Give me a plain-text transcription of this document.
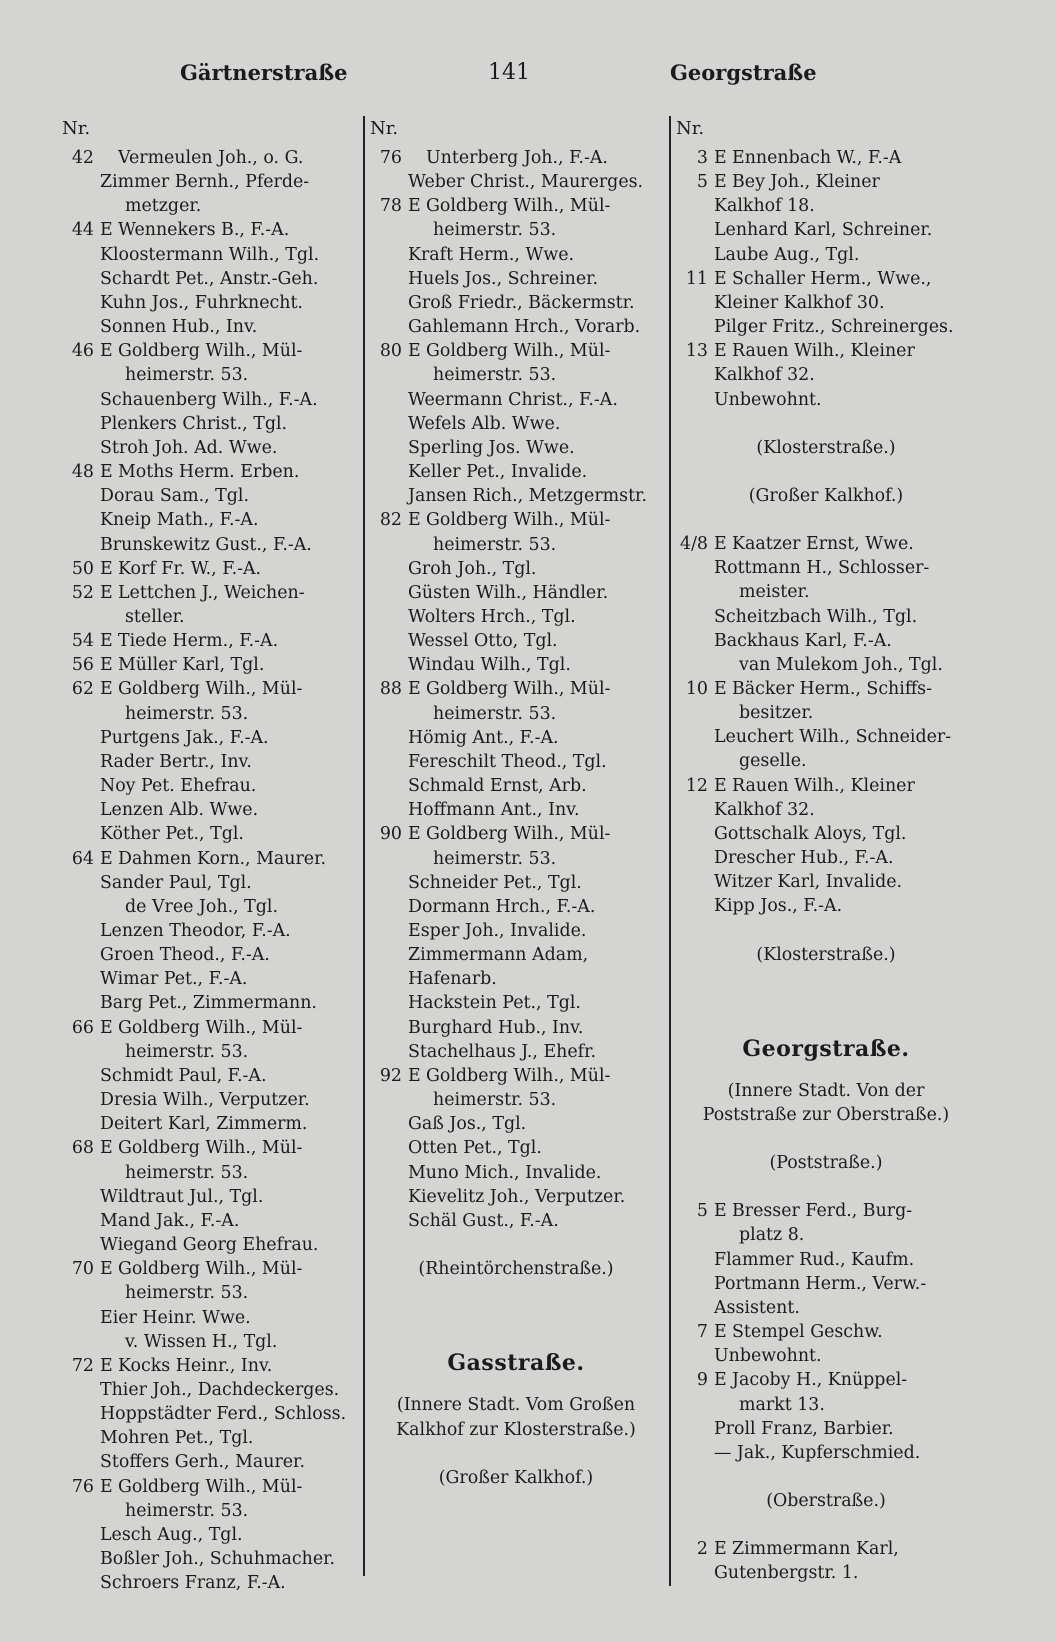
Gärtnerstraße	141	Georgstraße
Nr.
42 Vermeulen Joh., o. G.
Zimmer Bernh., Pferde-
metzger.
44 E Wennekers B., F.-A.
Kloostermann Wilh., Tgl.
Schardt Pet., Anstr.-Geh.
Kuhn Jos., Fuhrknecht.
Sonnen Hub., Inv.
46 E Goldberg Wilh., Mül-
heimerstr. 53.
Schauenberg Wilh., F.-A.
Plenkers Christ., Tgl.
Stroh Joh. Ad. Wwe.
48 E Moths Herm. Erben.
Dorau Sam., Tgl.
Kneip Math., F.-A.
Brunskewitz Gust., F.-A.
50 E Korf Fr. W., F.-A.
52 E Lettchen J., Weichen-
steller.
54 E Tiede Herm., F.-A.
56 E Müller Karl, Tgl.
62 E Goldberg Wilh., Mül-
heimerstr. 53.
Purtgens Jak., F.-A.
Rader Bertr., Inv.
Noy Pet. Ehefrau.
Lenzen Alb. Wwe.
Köther Pet., Tgl.
64 E Dahmen Korn., Maurer.
Sander Paul, Tgl.
de Vree Joh., Tgl.
Lenzen Theodor, F.-A.
Groen Theod., F.-A.
Wimar Pet., F.-A.
Barg Pet., Zimmermann.
66 E Goldberg Wilh., Mül-
heimerstr. 53.
Schmidt Paul, F.-A.
Dresia Wilh., Verputzer.
Deitert Karl, Zimmerm.
68 E Goldberg Wilh., Mül-
heimerstr. 53.
Wildtraut Jul., Tgl.
Mand Jak., F.-A.
Wiegand Georg Ehefrau.
70 E Goldberg Wilh., Mül-
heimerstr. 53.
Eier Heinr. Wwe.
v. Wissen H., Tgl.
72 E Kocks Heinr., Inv.
Thier Joh., Dachdeckerges.
Hoppstädter Ferd., Schloss.
Mohren Pet., Tgl.
Stoffers Gerh., Maurer.
76 E Goldberg Wilh., Mül-
heimerstr. 53.
Lesch Aug., Tgl.
Boßler Joh., Schuhmacher.
Schroers Franz, F.-A.
Nr.
76 Unterberg Joh., F.-A.
Weber Christ., Maurerges.
78 E Goldberg Wilh., Mül-
heimerstr. 53.
Kraft Herm., Wwe.
Huels Jos., Schreiner.
Groß Friedr., Bäckermstr.
Gahlemann Hrch., Vorarb.
80 E Goldberg Wilh., Mül-
heimerstr. 53.
Weermann Christ., F.-A.
Wefels Alb. Wwe.
Sperling Jos. Wwe.
Keller Pet., Invalide.
Jansen Rich., Metzgermstr.
82 E Goldberg Wilh., Mül-
heimerstr. 53.
Groh Joh., Tgl.
Güsten Wilh., Händler.
Wolters Hrch., Tgl.
Wessel Otto, Tgl.
Windau Wilh., Tgl.
88 E Goldberg Wilh., Mül-
heimerstr. 53.
Hömig Ant., F.-A.
Fereschilt Theod., Tgl.
Schmald Ernst, Arb.
Hoffmann Ant., Inv.
90 E Goldberg Wilh., Mül-
heimerstr. 53.
Schneider Pet., Tgl.
Dormann Hrch., F.-A.
Esper Joh., Invalide.
Zimmermann Adam,
Hafenarb.
Hackstein Pet., Tgl.
Burghard Hub., Inv.
Stachelhaus J., Ehefr.
92 E Goldberg Wilh., Mül-
heimerstr. 53.
Gaß Jos., Tgl.
Otten Pet., Tgl.
Muno Mich., Invalide.
Kievelitz Joh., Verputzer.
Schäl Gust., F.-A.
(Rheintörchenstraße.)
Gasstraße.
(Innere Stadt. Vom Großen
Kalkhof zur Klosterstraße.)
(Großer Kalkhof.)
Nr.
3 E Ennenbach W., F.-A
5 E Bey Joh., Kleiner
Kalkhof 18.
Lenhard Karl, Schreiner.
Laube Aug., Tgl.
11 E Schaller Herm., Wwe.,
Kleiner Kalkhof 30.
Pilger Fritz., Schreinerges.
13 E Rauen Wilh., Kleiner
Kalkhof 32.
Unbewohnt.
(Klosterstraße.)
(Großer Kalkhof.)
4/8 E Kaatzer Ernst, Wwe.
Rottmann H., Schlosser-
meister.
Scheitzbach Wilh., Tgl.
Backhaus Karl, F.-A.
van Mulekom Joh., Tgl.
10 E Bäcker Herm., Schiffs-
besitzer.
Leuchert Wilh., Schneider-
geselle.
12 E Rauen Wilh., Kleiner
Kalkhof 32.
Gottschalk Aloys, Tgl.
Drescher Hub., F.-A.
Witzer Karl, Invalide.
Kipp Jos., F.-A.
(Klosterstraße.)
Georgstraße.
(Innere Stadt. Von der
Poststraße zur Oberstraße.)
(Poststraße.)
5 E Bresser Ferd., Burg-
platz 8.
Flammer Rud., Kaufm.
Portmann Herm., Verw.-
Assistent.
7 E Stempel Geschw.
Unbewohnt.
9 E Jacoby H., Knüppel-
markt 13.
Proll Franz, Barbier.
— Jak., Kupferschmied.
(Oberstraße.)
2 E Zimmermann Karl,
Gutenbergstr. 1.
